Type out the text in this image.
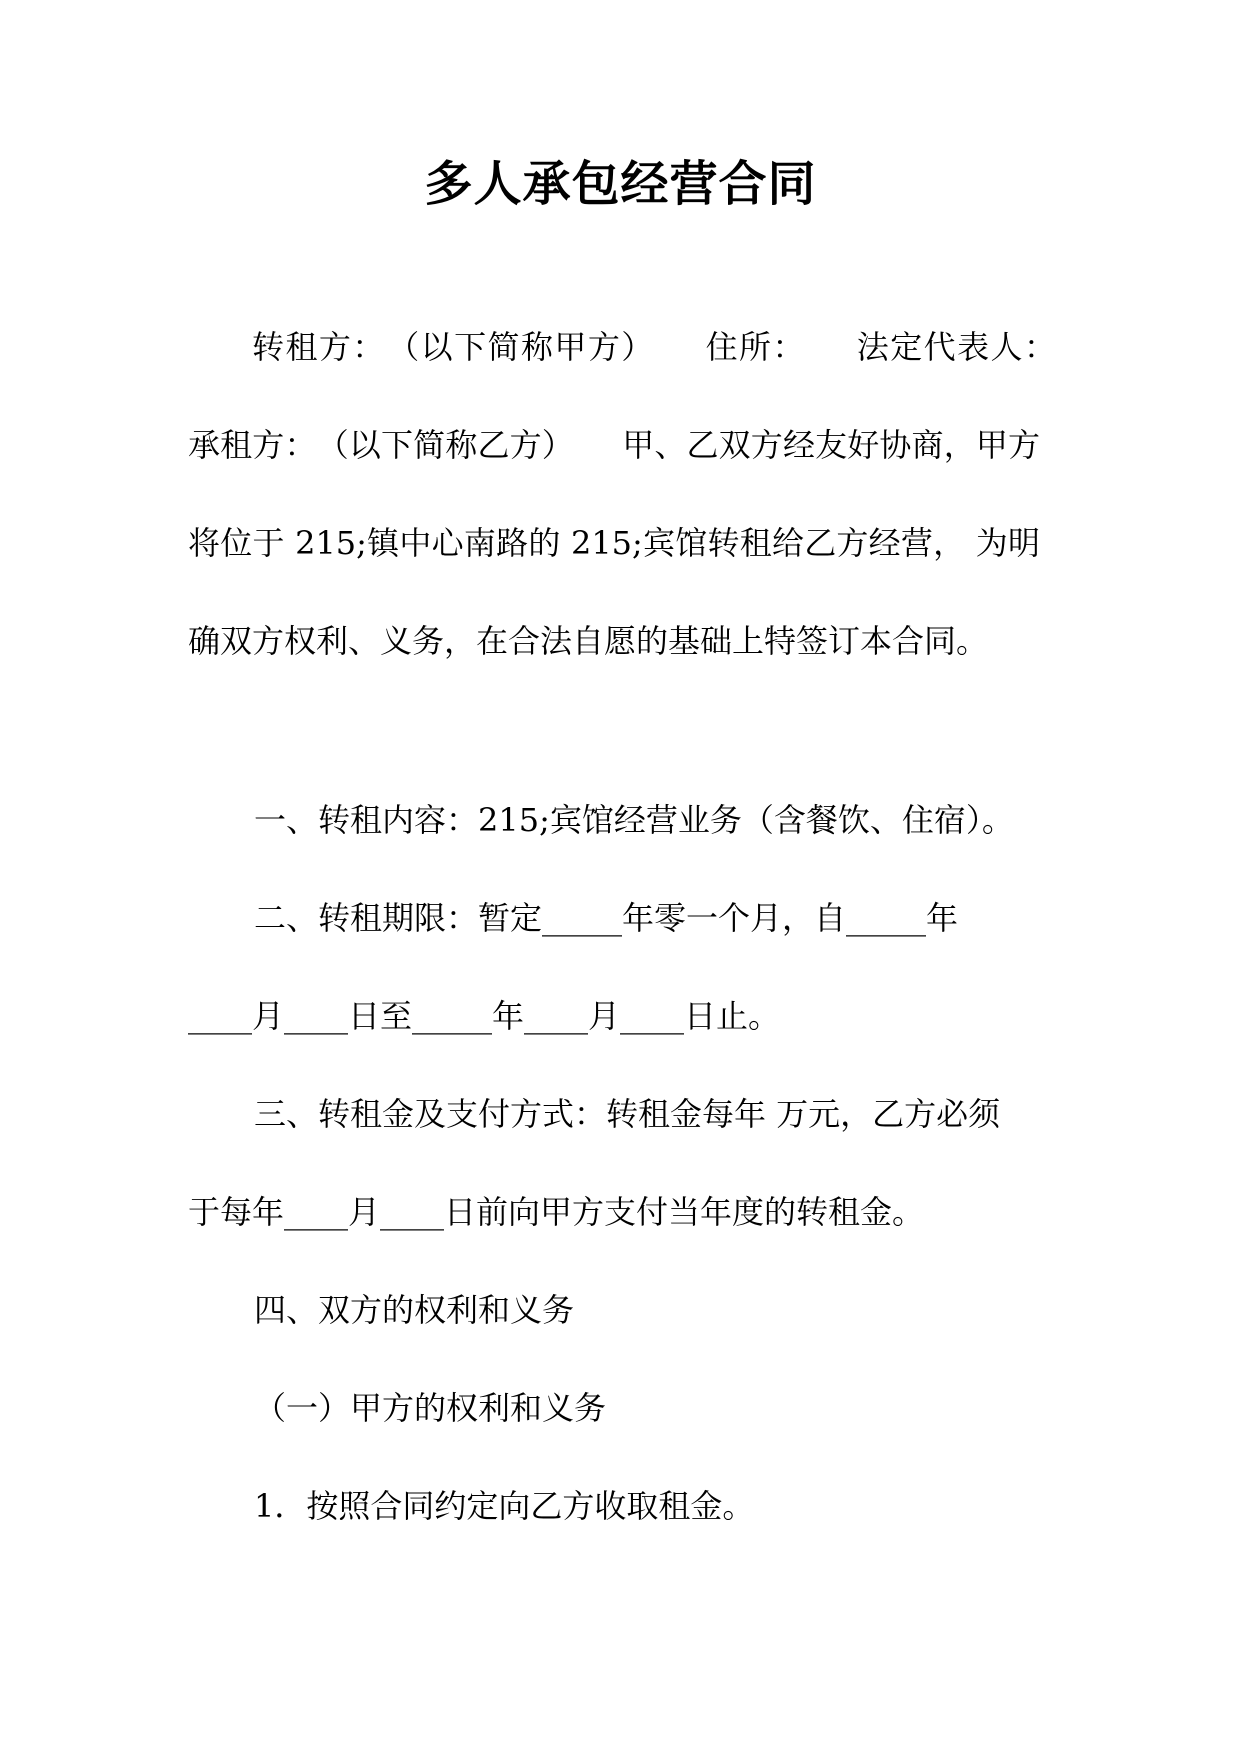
多人承包经营合同

转租方：　（以下简称甲方）　　住所：　　法定代表人：　　承租方：　（以下简称乙方）　　甲、乙双方经友好协商，甲方将位于 215;镇中心南路的 215;宾馆转租给乙方经营， 为明确双方权利、义务，在合法自愿的基础上特签订本合同。

一、转租内容：215;宾馆经营业务（含餐饮、住宿）。

二、转租期限：暂定_____年零一个月，自_____年

____月____日至_____年____月____日止。

三、转租金及支付方式：转租金每年 万元，乙方必须

于每年____月____日前向甲方支付当年度的转租金。

四、双方的权利和义务

（一）甲方的权利和义务

1．按照合同约定向乙方收取租金。
